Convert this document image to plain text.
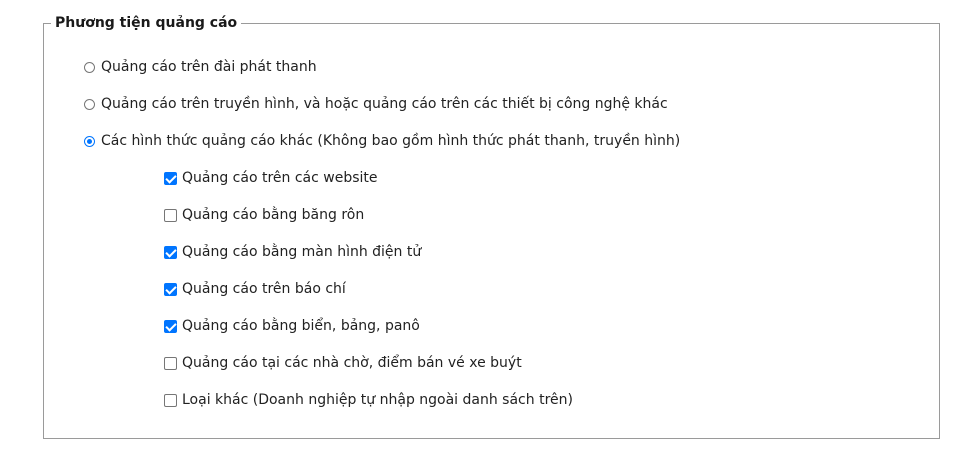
Phương tiện quảng cáo
Quảng cáo trên đài phát thanh
Quảng cáo trên truyền hình, và hoặc quảng cáo trên các thiết bị công nghệ khác
Các hình thức quảng cáo khác (Không bao gồm hình thức phát thanh, truyền hình)
Quảng cáo trên các website
Quảng cáo bằng băng rôn
Quảng cáo bằng màn hình điện tử
Quảng cáo trên báo chí
Quảng cáo bằng biển, bảng, panô
Quảng cáo tại các nhà chờ, điểm bán vé xe buýt
Loại khác (Doanh nghiệp tự nhập ngoài danh sách trên)
